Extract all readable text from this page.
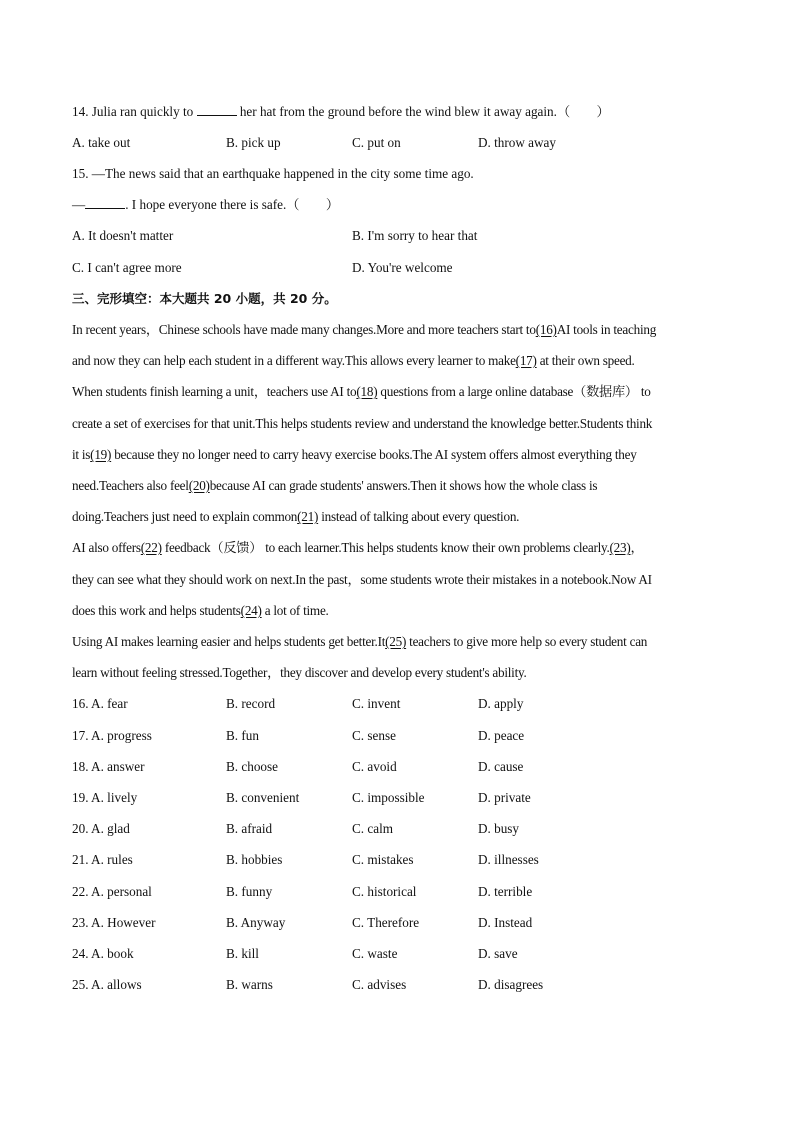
14. Julia ran quickly to	her hat from the ground before the wind blew it away again.（　　）
A. take out	B. pick up	C. put on	D. throw away
15. —The news said that an earthquake happened in the city some time ago.
—	. I hope everyone there is safe.（　　）
A. It doesn't matter	B. I'm sorry to hear that
C. I can't agree more	D. You're welcome
三、完形填空：本大题共 20 小题，共 20 分。
In recent years，Chinese schools have made many changes.More and more teachers start to(16)AI tools in teaching
and now they can help each student in a different way.This allows every learner to make(17) at their own speed.
When students finish learning a unit，teachers use AI to(18) questions from a large online database（数据库） to
create a set of exercises for that unit.This helps students review and understand the knowledge better.Students think
it is(19) because they no longer need to carry heavy exercise books.The AI system offers almost everything they
need.Teachers also feel(20)because AI can grade students' answers.Then it shows how the whole class is
doing.Teachers just need to explain common(21) instead of talking about every question.
AI also offers(22) feedback（反馈） to each learner.This helps students know their own problems clearly.(23)，
they can see what they should work on next.In the past，some students wrote their mistakes in a notebook.Now AI
does this work and helps students(24) a lot of time.
Using AI makes learning easier and helps students get better.It(25) teachers to give more help so every student can
learn without feeling stressed.Together，they discover and develop every student's ability.
16. A. fear	B. record	C. invent	D. apply
17. A. progress	B. fun	C. sense	D. peace
18. A. answer	B. choose	C. avoid	D. cause
19. A. lively	B. convenient	C. impossible	D. private
20. A. glad	B. afraid	C. calm	D. busy
21. A. rules	B. hobbies	C. mistakes	D. illnesses
22. A. personal	B. funny	C. historical	D. terrible
23. A. However	B. Anyway	C. Therefore	D. Instead
24. A. book	B. kill	C. waste	D. save
25. A. allows	B. warns	C. advises	D. disagrees
